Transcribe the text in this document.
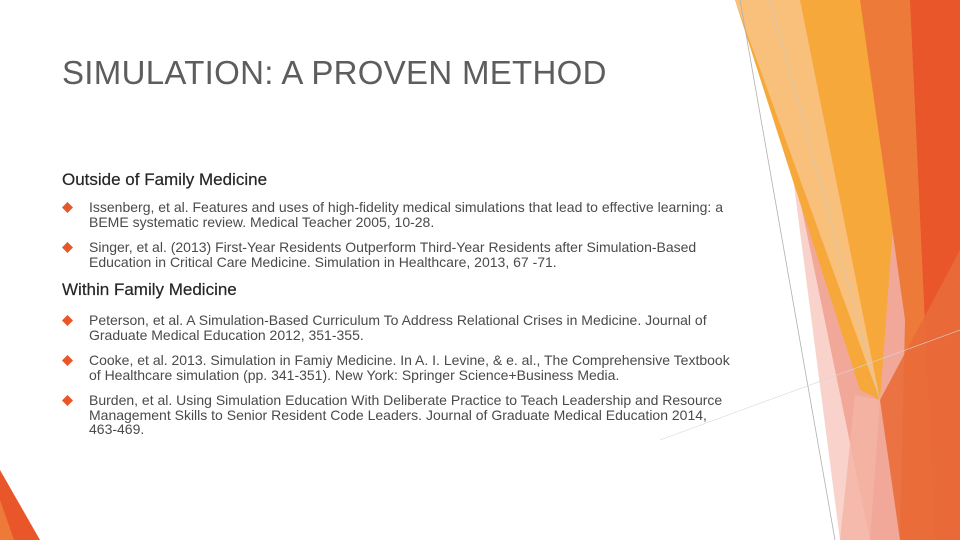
SIMULATION: A PROVEN METHOD
Outside of Family Medicine
Issenberg, et al. Features and uses of high-fidelity medical simulations that lead to effective learning: a BEME systematic review. Medical Teacher 2005, 10-28.
Singer, et al. (2013) First-Year Residents Outperform Third-Year Residents after Simulation-Based Education in Critical Care Medicine. Simulation in Healthcare, 2013, 67 -71.
Within Family Medicine
Peterson, et al. A Simulation-Based Curriculum To Address Relational Crises in Medicine. Journal of Graduate Medical Education 2012, 351-355.
Cooke, et al. 2013. Simulation in Famiy Medicine. In A. I. Levine, & e. al., The Comprehensive Textbook of Healthcare simulation (pp. 341-351). New York: Springer Science+Business Media.
Burden, et al. Using Simulation Education With Deliberate Practice to Teach Leadership and Resource Management Skills to Senior Resident Code Leaders. Journal of Graduate Medical Education 2014, 463-469.
